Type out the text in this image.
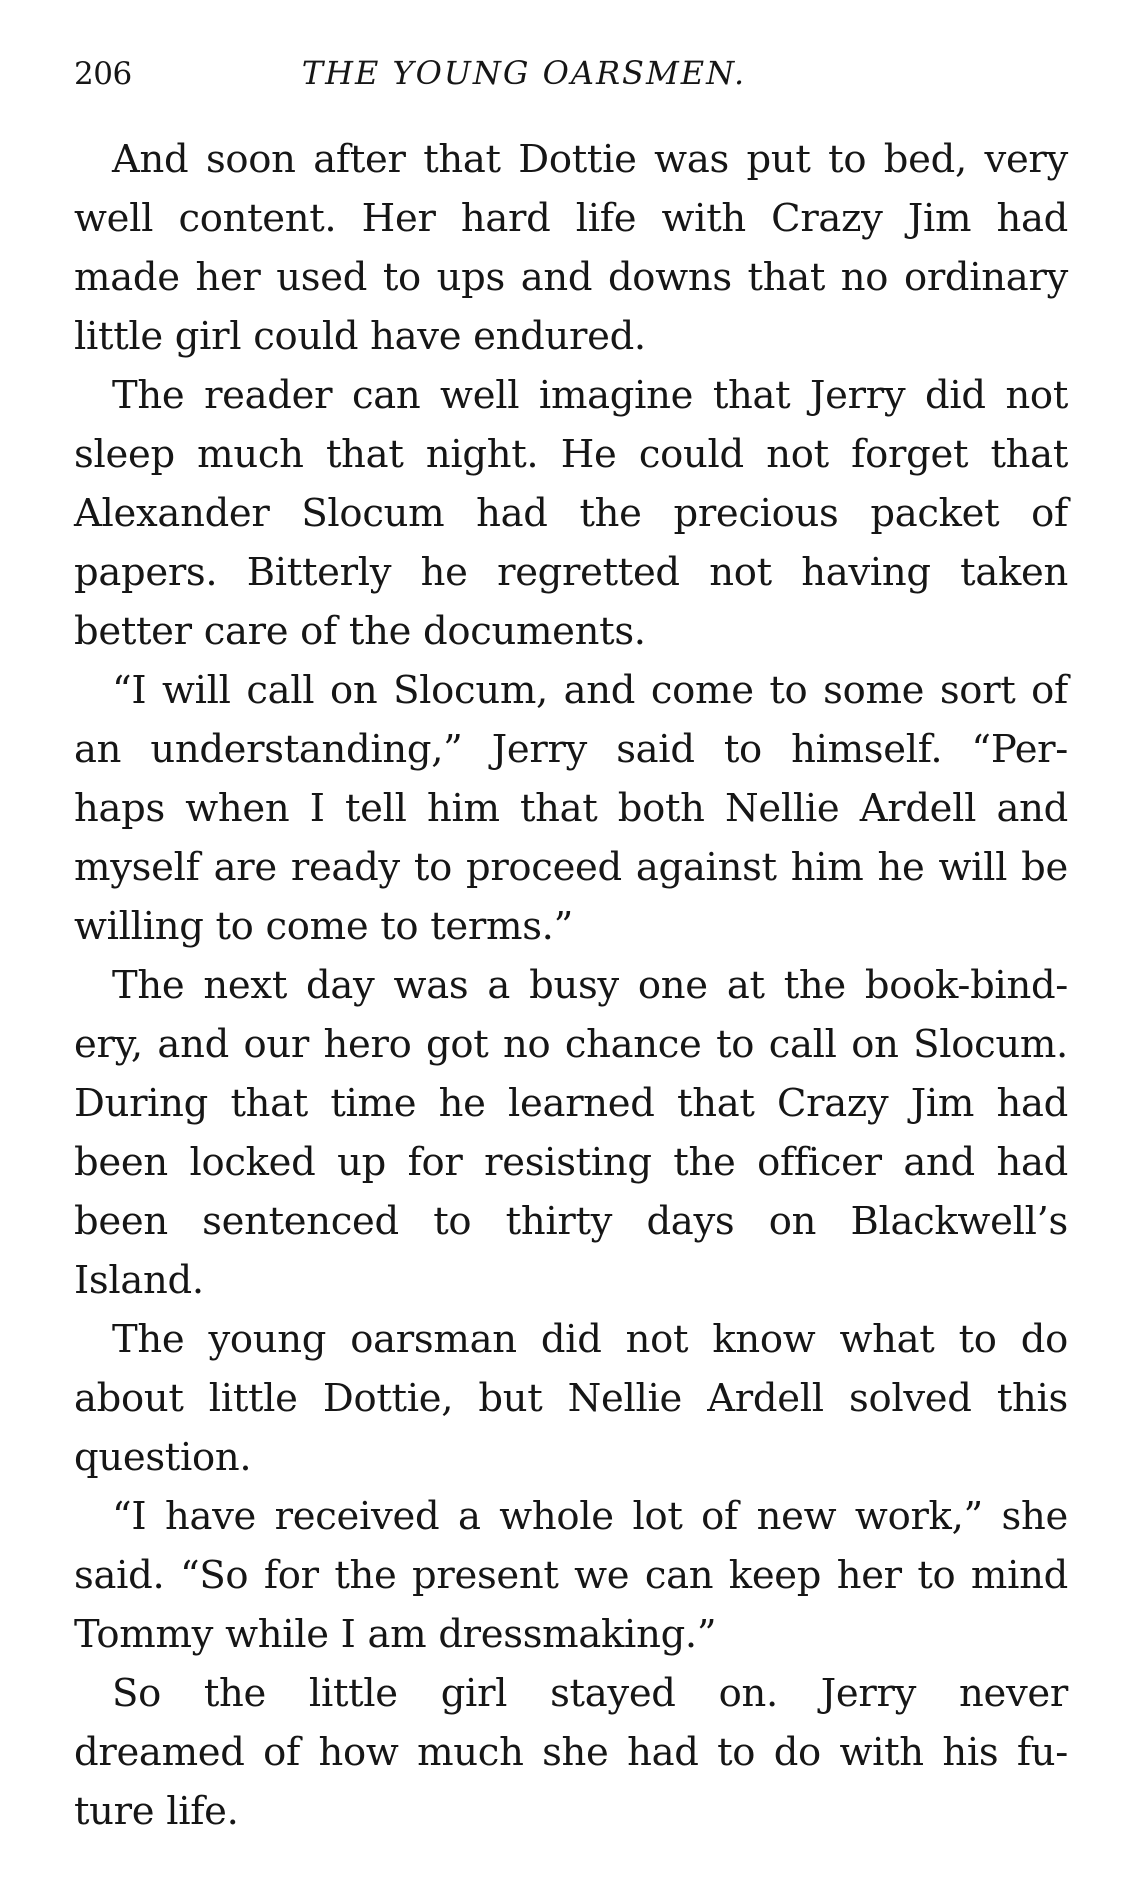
206	THE YOUNG OARSMEN.

And soon after that Dottie was put to bed, very
well content. Her hard life with Crazy Jim had
made her used to ups and downs that no ordinary
little girl could have endured.

The reader can well imagine that Jerry did not
sleep much that night. He could not forget that
Alexander Slocum had the precious packet of
papers. Bitterly he regretted not having taken
better care of the documents.

“I will call on Slocum, and come to some sort of
an understanding,” Jerry said to himself. “Per-
haps when I tell him that both Nellie Ardell and
myself are ready to proceed against him he will be
willing to come to terms.”

The next day was a busy one at the book-bind-
ery, and our hero got no chance to call on Slocum.
During that time he learned that Crazy Jim had
been locked up for resisting the officer and had
been sentenced to thirty days on Blackwell’s
Island.

The young oarsman did not know what to do
about little Dottie, but Nellie Ardell solved this
question.

“I have received a whole lot of new work,” she
said. “So for the present we can keep her to mind
Tommy while I am dressmaking.”

So the little girl stayed on. Jerry never
dreamed of how much she had to do with his fu-
ture life.
